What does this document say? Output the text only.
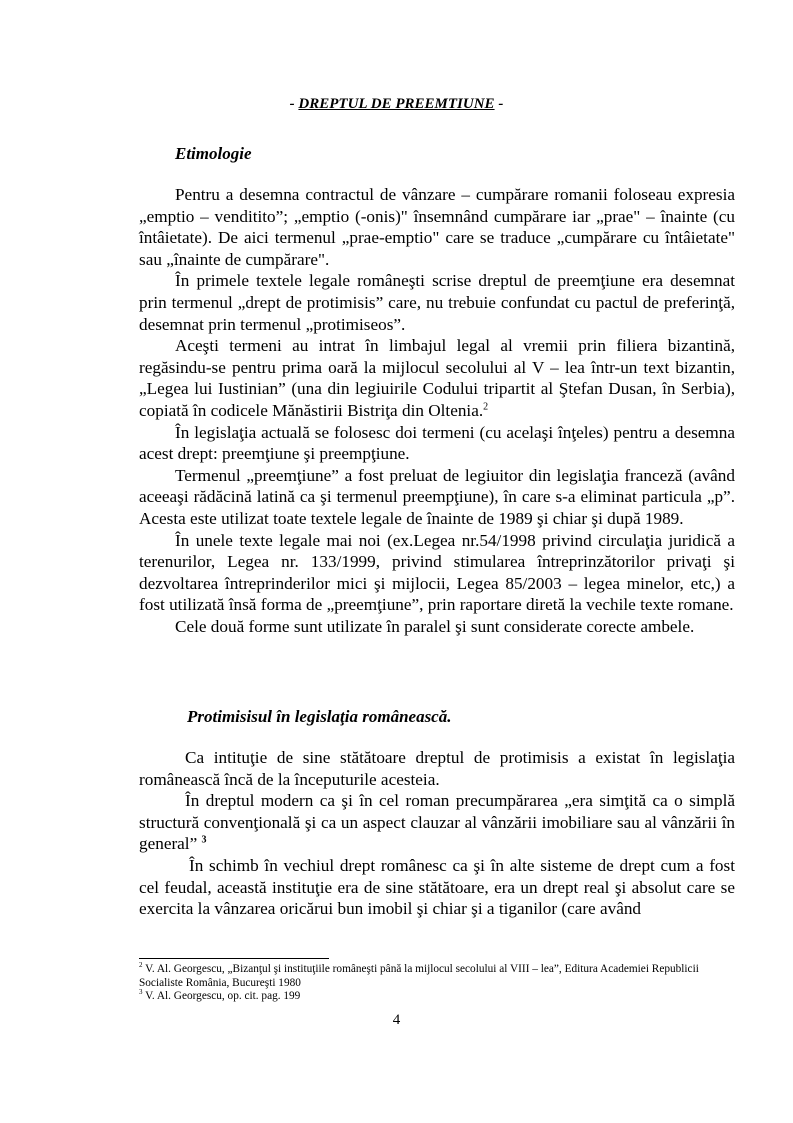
- DREPTUL DE PREEMTIUNE -
Etimologie

Pentru a desemna contractul de vânzare – cumpărare romanii foloseau expresia „emptio – venditito”; „emptio (-onis)" însemnând cumpărare iar „prae" – înainte (cu întâietate). De aici termenul „prae-emptio" care se traduce „cumpărare cu întâietate" sau „înainte de cumpărare".

În primele textele legale româneşti scrise dreptul de preemţiune era desemnat prin termenul „drept de protimisis” care, nu trebuie confundat cu pactul de preferinţă, desemnat prin termenul „protimiseos”.

Aceşti termeni au intrat în limbajul legal al vremii prin filiera bizantină, regăsindu-se pentru prima oară la mijlocul secolului al V – lea într-un text bizantin, „Legea lui Iustinian” (una din legiuirile Codului tripartit al Ştefan Dusan, în Serbia), copiată în codicele Mănăstirii Bistriţa din Oltenia.$^2$

În legislaţia actuală se folosesc doi termeni (cu acelaşi înţeles) pentru a desemna acest drept: preemţiune şi preempţiune.

Termenul „preemţiune” a fost preluat de legiuitor din legislaţia franceză (având aceeaşi rădăcină latină ca şi termenul preempţiune), în care s-a eliminat particula „p”. Acesta este utilizat toate textele legale de înainte de 1989 şi chiar şi după 1989.

În unele texte legale mai noi (ex.Legea nr.54/1998 privind circulaţia juridică a terenurilor, Legea nr. 133/1999, privind stimularea întreprinzătorilor privaţi şi dezvoltarea întreprinderilor mici şi mijlocii, Legea 85/2003 – legea minelor, etc,) a fost utilizată însă forma de „preemţiune”, prin raportare diretă la vechile texte romane.

Cele două forme sunt utilizate în paralel şi sunt considerate corecte ambele.

Protimisisul în legislaţia românească.

Ca intituţie de sine stătătoare dreptul de protimisis a existat în legislaţia românească încă de la începuturile acesteia.

În dreptul modern ca şi în cel roman precumpărarea „era simţită ca o simplă structură convenţională şi ca un aspect clauzar al vânzării imobiliare sau al vânzării în general” $^3$

În schimb în vechiul drept românesc ca şi în alte sisteme de drept cum a fost cel feudal, această instituţie era de sine stătătoare, era un drept real şi absolut care se exercita la vânzarea oricărui bun imobil şi chiar şi a tiganilor (care având

$^2$ V. Al. Georgescu, „Bizanţul şi instituţiile româneşti până la mijlocul secolului al VIII – lea”, Editura Academiei Republicii Socialiste România, Bucureşti 1980

$^3$ V. Al. Georgescu, op. cit. pag. 199

4
